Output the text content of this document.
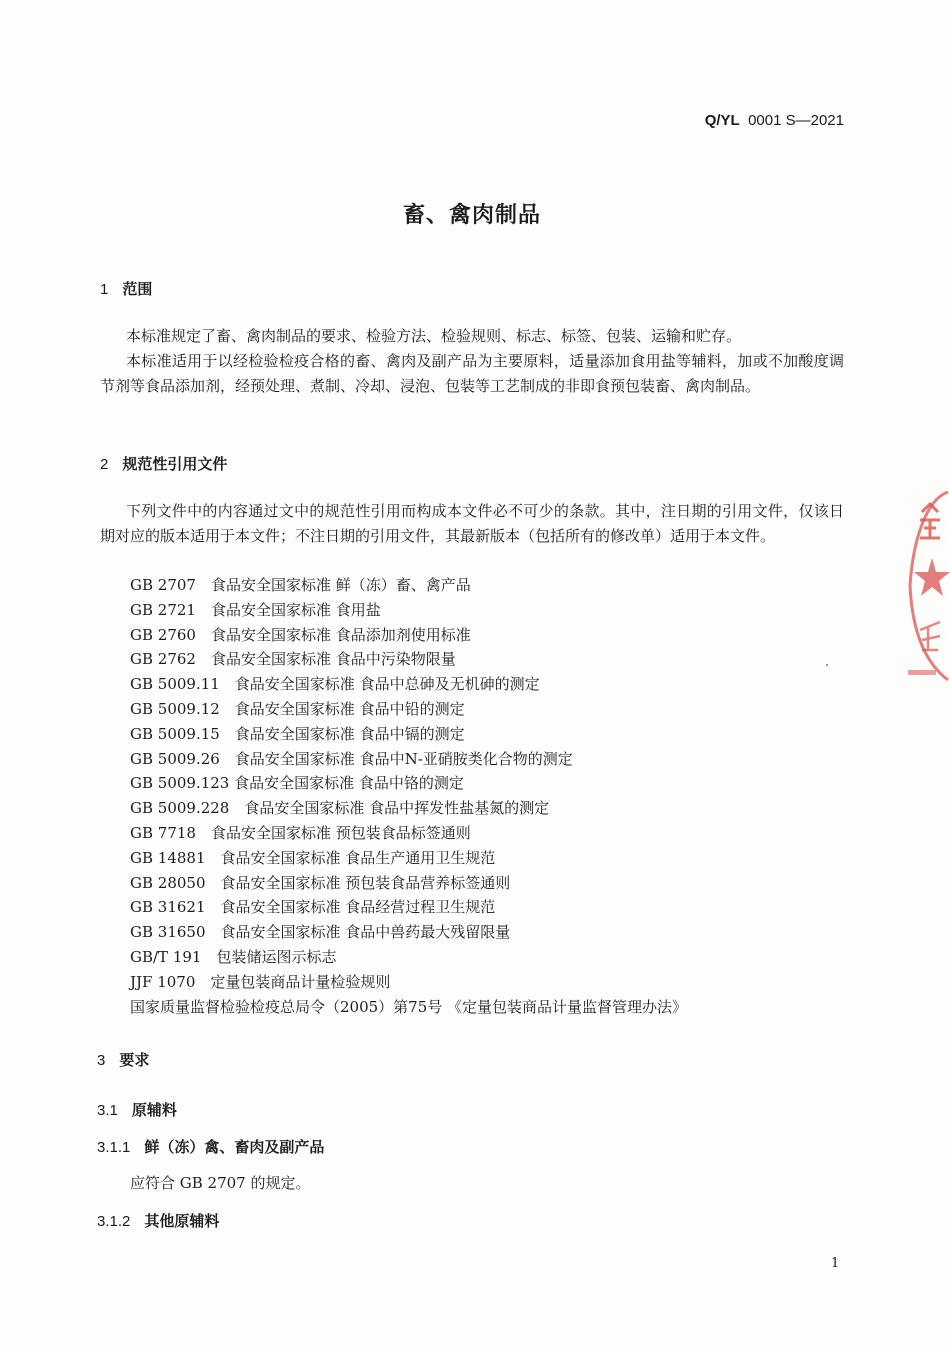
Q/YL 0001 S—2021
畜、禽肉制品
1 范围
本标准规定了畜、禽肉制品的要求、检验方法、检验规则、标志、标签、包装、运输和贮存。
本标准适用于以经检验检疫合格的畜、禽肉及副产品为主要原料，适量添加食用盐等辅料，加或不加酸度调节剂等食品添加剂，经预处理、煮制、冷却、浸泡、包装等工艺制成的非即食预包装畜、禽肉制品。
2 规范性引用文件
下列文件中的内容通过文中的规范性引用而构成本文件必不可少的条款。其中，注日期的引用文件，仅该日期对应的版本适用于本文件；不注日期的引用文件，其最新版本（包括所有的修改单）适用于本文件。
GB 2707　食品安全国家标准 鲜（冻）畜、禽产品
GB 2721　食品安全国家标准 食用盐
GB 2760　食品安全国家标准 食品添加剂使用标准
GB 2762　食品安全国家标准 食品中污染物限量
GB 5009.11　食品安全国家标准 食品中总砷及无机砷的测定
GB 5009.12　食品安全国家标准 食品中铅的测定
GB 5009.15　食品安全国家标准 食品中镉的测定
GB 5009.26　食品安全国家标准 食品中N-亚硝胺类化合物的测定
GB 5009.123 食品安全国家标准 食品中铬的测定
GB 5009.228　食品安全国家标准 食品中挥发性盐基氮的测定
GB 7718　食品安全国家标准 预包装食品标签通则
GB 14881　食品安全国家标准 食品生产通用卫生规范
GB 28050　食品安全国家标准 预包装食品营养标签通则
GB 31621　食品安全国家标准 食品经营过程卫生规范
GB 31650　食品安全国家标准 食品中兽药最大残留限量
GB/T 191　包装储运图示标志
JJF 1070　定量包装商品计量检验规则
国家质量监督检验检疫总局令（2005）第75号 《定量包装商品计量监督管理办法》
3 要求
3.1 原辅料
3.1.1 鲜（冻）禽、畜肉及副产品
应符合 GB 2707 的规定。
3.1.2 其他原辅料
1
